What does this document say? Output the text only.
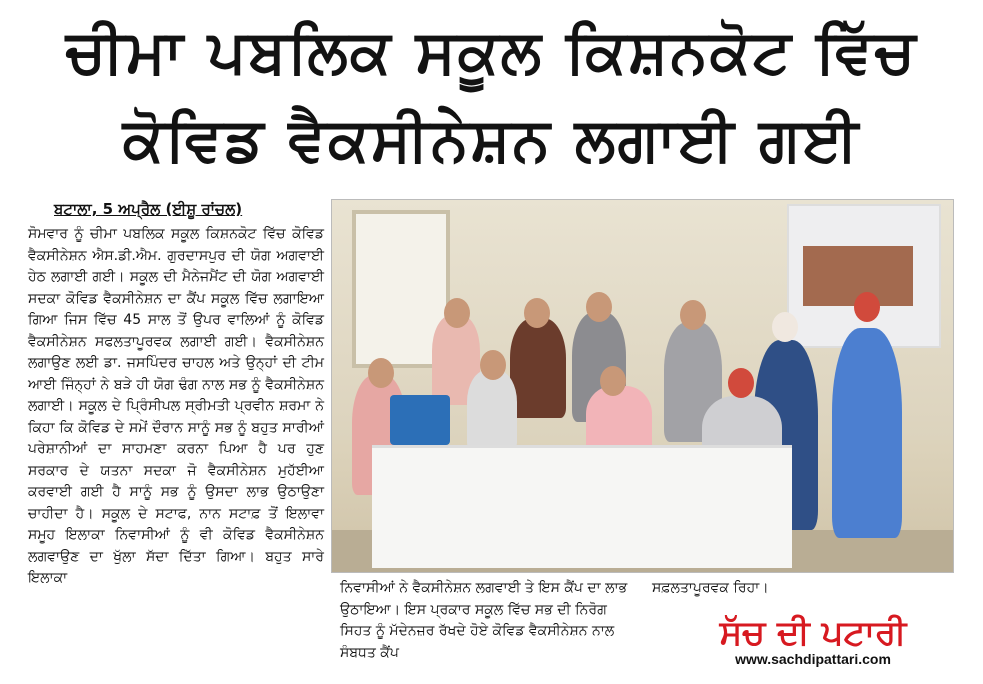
ਚੀਮਾ ਪਬਲਿਕ ਸਕੂਲ ਕਿਸ਼ਨਕੋਟ ਵਿੱਚ
ਕੋਵਿਡ ਵੈਕਸੀਨੇਸ਼ਨ ਲਗਾਈ ਗਈ
ਬਟਾਲਾ, 5 ਅਪ੍ਰੈਲ (ਈਸ਼ੂ ਰਾਂਚਲ)
ਸੋਮਵਾਰ ਨੂੰ ਚੀਮਾ ਪਬਲਿਕ ਸਕੂਲ ਕਿਸ਼ਨਕੋਟ ਵਿੱਚ ਕੋਵਿਡ ਵੈਕਸੀਨੇਸ਼ਨ ਐਸ.ਡੀ.ਐਮ. ਗੁਰਦਾਸਪੁਰ ਦੀ ਯੋਗ ਅਗਵਾਈ ਹੇਠ ਲਗਾਈ ਗਈ। ਸਕੂਲ ਦੀ ਮੈਨੇਜਮੈਂਟ ਦੀ ਯੋਗ ਅਗਵਾਈ ਸਦਕਾ ਕੋਵਿਡ ਵੈਕਸੀਨੇਸ਼ਨ ਦਾ ਕੈਂਪ ਸਕੂਲ ਵਿੱਚ ਲਗਾਇਆ ਗਿਆ ਜਿਸ ਵਿੱਚ 45 ਸਾਲ ਤੋਂ ਉਪਰ ਵਾਲਿਆਂ ਨੂੰ ਕੋਵਿਡ ਵੈਕਸੀਨੇਸ਼ਨ ਸਫਲਤਾਪੂਰਵਕ ਲਗਾਈ ਗਈ। ਵੈਕਸੀਨੇਸ਼ਨ ਲਗਾਉਣ ਲਈ ਡਾ. ਜਸਪਿੰਦਰ ਚਾਹਲ ਅਤੇ ਉਨ੍ਹਾਂ ਦੀ ਟੀਮ ਆਈ ਜਿੰਨ੍ਹਾਂ ਨੇ ਬੜੇ ਹੀ ਯੋਗ ਢੰਗ ਨਾਲ ਸਭ ਨੂੰ ਵੈਕਸੀਨੇਸ਼ਨ ਲਗਾਈ। ਸਕੂਲ ਦੇ ਪ੍ਰਿੰਸੀਪਲ ਸ੍ਰੀਮਤੀ ਪ੍ਰਵੀਨ ਸ਼ਰਮਾ ਨੇ ਕਿਹਾ ਕਿ ਕੋਵਿਡ ਦੇ ਸਮੇਂ ਦੌਰਾਨ ਸਾਨੂੰ ਸਭ ਨੂੰ ਬਹੁਤ ਸਾਰੀਆਂ ਪਰੇਸ਼ਾਨੀਆਂ ਦਾ ਸਾਹਮਣਾ ਕਰਨਾ ਪਿਆ ਹੈ ਪਰ ਹੁਣ ਸਰਕਾਰ ਦੇ ਯਤਨਾ ਸਦਕਾ ਜੋ ਵੈਕਸੀਨੇਸ਼ਨ ਮੁਹੱਈਆ ਕਰਵਾਈ ਗਈ ਹੈ ਸਾਨੂੰ ਸਭ ਨੂੰ ਉਸਦਾ ਲਾਭ ਉਠਾਉਣਾ ਚਾਹੀਦਾ ਹੈ। ਸਕੂਲ ਦੇ ਸਟਾਫ, ਨਾਨ ਸਟਾਫ਼ ਤੋਂ ਇਲਾਵਾ ਸਮੂਹ ਇਲਾਕਾ ਨਿਵਾਸੀਆਂ ਨੂੰ ਵੀ ਕੋਵਿਡ ਵੈਕਸੀਨੇਸ਼ਨ ਲਗਵਾਉਣ ਦਾ ਖੁੱਲਾ ਸੱਦਾ ਦਿੱਤਾ ਗਿਆ। ਬਹੁਤ ਸਾਰੇ ਇਲਾਕਾ
ਨਿਵਾਸੀਆਂ ਨੇ ਵੈਕਸੀਨੇਸ਼ਨ ਲਗਵਾਈ ਤੇ ਇਸ ਕੈਂਪ ਦਾ ਲਾਭ ਉਠਾਇਆ। ਇਸ ਪ੍ਰਕਾਰ ਸਕੂਲ ਵਿੱਚ ਸਭ ਦੀ ਨਿਰੋਗ ਸਿਹਤ ਨੂੰ ਮੱਦੇਨਜ਼ਰ ਰੱਖਦੇ ਹੋਏ ਕੋਵਿਡ ਵੈਕਸੀਨੇਸ਼ਨ ਨਾਲ ਸੰਬਧਤ ਕੈਂਪ
ਸਫ਼ਲਤਾਪੂਰਵਕ ਰਿਹਾ।
ਸੱਚ ਦੀ ਪਟਾਰੀ
www.sachdipattari.com
